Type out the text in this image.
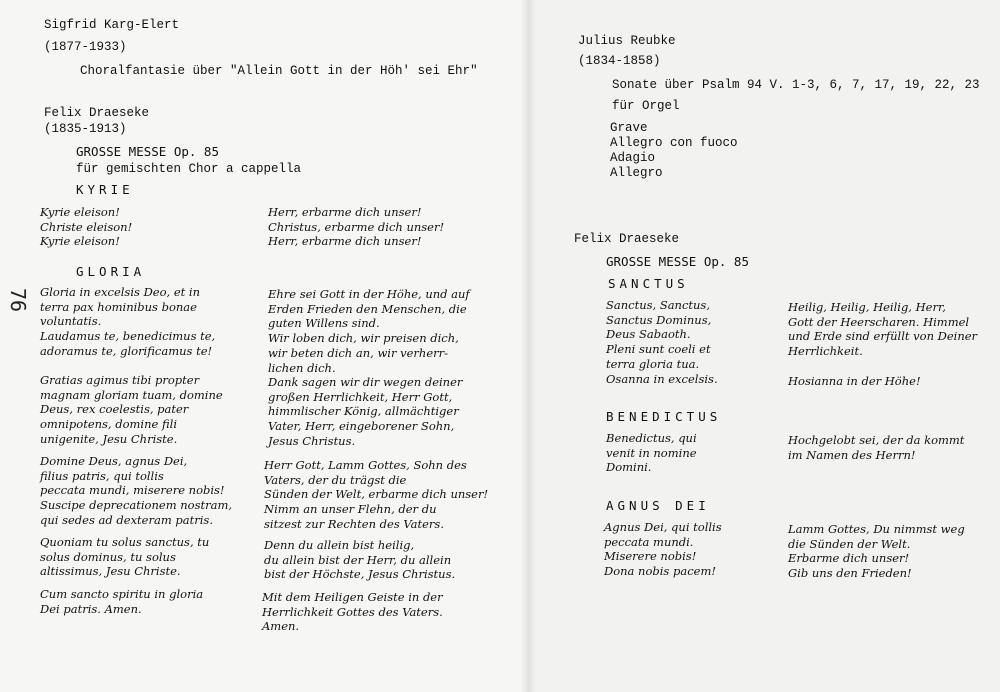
Sigfrid Karg-Elert
(1877-1933)
Choralfantasie über "Allein Gott in der Höh' sei Ehr"
Felix Draeseke
(1835-1913)
GROSSE MESSE Op. 85
für gemischten Chor a cappella
KYRIE
Kyrie eleison!
Christe eleison!
Kyrie eleison!
Herr, erbarme dich unser!
Christus, erbarme dich unser!
Herr, erbarme dich unser!
GLORIA
76 Gloria in excelsis Deo, et in
terra pax hominibus bonae
voluntatis.
Laudamus te, benedicimus te,
adoramus te, glorificamus te!
Ehre sei Gott in der Höhe, und auf
Erden Frieden den Menschen, die
guten Willens sind.
Wir loben dich, wir preisen dich,
wir beten dich an, wir verherr-
lichen dich.
Gratias agimus tibi propter
magnam gloriam tuam, domine
Deus, rex coelestis, pater
omnipotens, domine fili
unigenite, Jesu Christe.
Dank sagen wir dir wegen deiner
großen Herrlichkeit, Herr Gott,
himmlischer König, allmächtiger
Vater, Herr, eingeborener Sohn,
Jesus Christus.
Domine Deus, agnus Dei,
filius patris, qui tollis
peccata mundi, miserere nobis!
Suscipe deprecationem nostram,
qui sedes ad dexteram patris.
Herr Gott, Lamm Gottes, Sohn des
Vaters, der du trägst die
Sünden der Welt, erbarme dich unser!
Nimm an unser Flehn, der du
sitzest zur Rechten des Vaters.
Quoniam tu solus sanctus, tu
solus dominus, tu solus
altissimus, Jesu Christe.
Denn du allein bist heilig,
du allein bist der Herr, du allein
bist der Höchste, Jesus Christus.
Cum sancto spiritu in gloria
Dei patris. Amen.
Mit dem Heiligen Geiste in der
Herrlichkeit Gottes des Vaters.
Amen.
Julius Reubke
(1834-1858)
Sonate über Psalm 94 V. 1-3, 6, 7, 17, 19, 22, 23
für Orgel
Grave
Allegro con fuoco
Adagio
Allegro
Felix Draeseke
GROSSE MESSE Op. 85
SANCTUS
Sanctus, Sanctus,
Sanctus Dominus,
Deus Sabaoth.
Pleni sunt coeli et
terra gloria tua.
Osanna in excelsis.
Heilig, Heilig, Heilig, Herr,
Gott der Heerscharen. Himmel
und Erde sind erfüllt von Deiner
Herrlichkeit.
Hosianna in der Höhe!
BENEDICTUS
Benedictus, qui
venit in nomine
Domini.
Hochgelobt sei, der da kommt
im Namen des Herrn!
AGNUS DEI
Agnus Dei, qui tollis
peccata mundi.
Miserere nobis!
Dona nobis pacem!
Lamm Gottes, Du nimmst weg
die Sünden der Welt.
Erbarme dich unser!
Gib uns den Frieden!
